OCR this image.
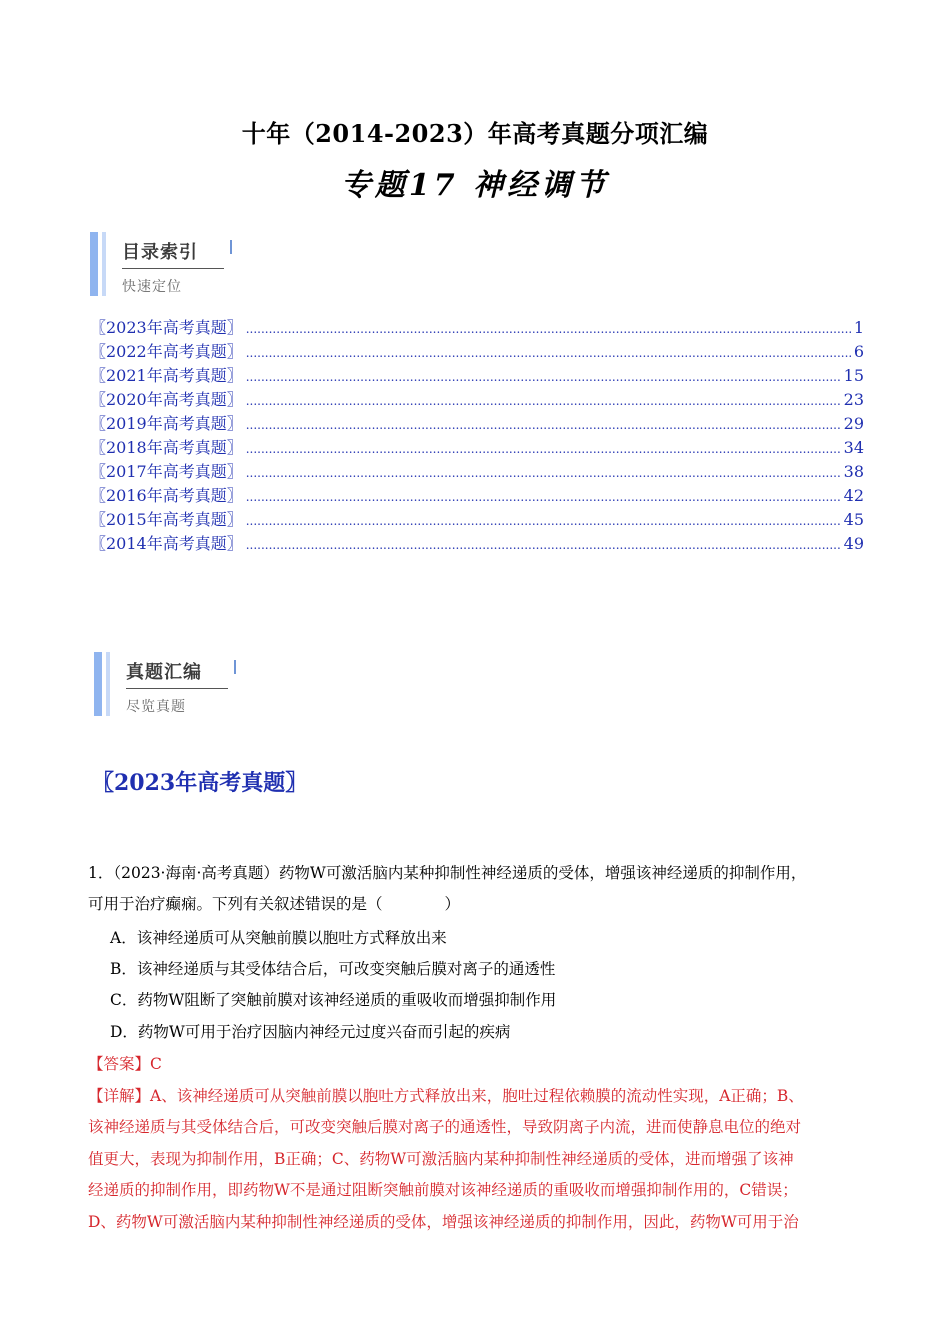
十年（2014-2023）年高考真题分项汇编
专题17 神经调节
目录索引
快速定位
〖2023年高考真题〗 .....	1
〖2022年高考真题〗 .....	6
〖2021年高考真题〗 .....	15
〖2020年高考真题〗 .....	23
〖2019年高考真题〗 .....	29
〖2018年高考真题〗 .....	34
〖2017年高考真题〗 .....	38
〖2016年高考真题〗 .....	42
〖2015年高考真题〗 .....	45
〖2014年高考真题〗 .....	49
真题汇编
尽览真题
〖2023年高考真题〗
1．（2023·海南·高考真题）药物W可激活脑内某种抑制性神经递质的受体，增强该神经递质的抑制作用，
可用于治疗癫痫。下列有关叙述错误的是（　　　　）
A．该神经递质可从突触前膜以胞吐方式释放出来
B．该神经递质与其受体结合后，可改变突触后膜对离子的通透性
C．药物W阻断了突触前膜对该神经递质的重吸收而增强抑制作用
D．药物W可用于治疗因脑内神经元过度兴奋而引起的疾病
【答案】C
【详解】A、该神经递质可从突触前膜以胞吐方式释放出来，胞吐过程依赖膜的流动性实现，A正确；B、
该神经递质与其受体结合后，可改变突触后膜对离子的通透性，导致阴离子内流，进而使静息电位的绝对
值更大，表现为抑制作用，B正确；C、药物W可激活脑内某种抑制性神经递质的受体，进而增强了该神
经递质的抑制作用，即药物W不是通过阻断突触前膜对该神经递质的重吸收而增强抑制作用的，C错误；
D、药物W可激活脑内某种抑制性神经递质的受体，增强该神经递质的抑制作用，因此，药物W可用于治
